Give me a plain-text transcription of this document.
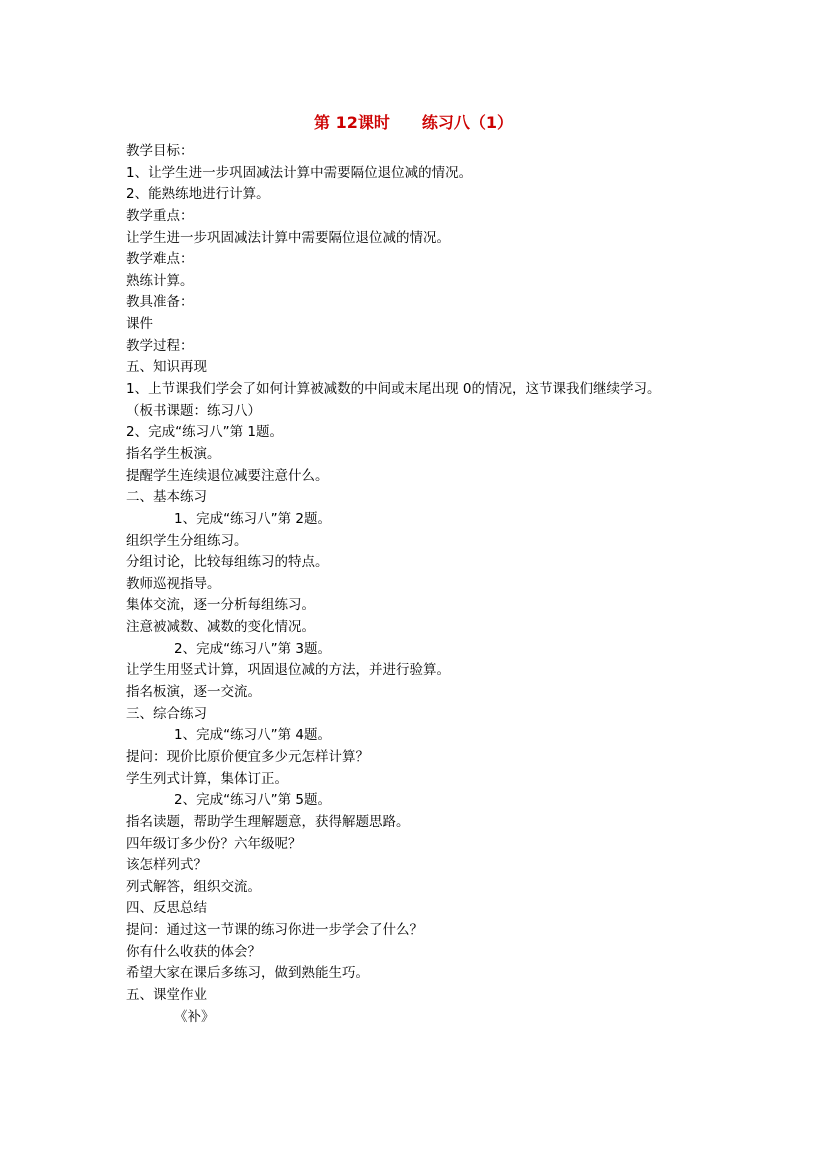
第 12课时　　练习八（1）
教学目标：
1、让学生进一步巩固减法计算中需要隔位退位减的情况。
2、能熟练地进行计算。
教学重点：
让学生进一步巩固减法计算中需要隔位退位减的情况。
教学难点：
熟练计算。
教具准备：
课件
教学过程：
五、知识再现
1、上节课我们学会了如何计算被减数的中间或末尾出现 0的情况，这节课我们继续学习。
（板书课题：练习八）
2、完成“练习八”第 1题。
指名学生板演。
提醒学生连续退位减要注意什么。
二、基本练习
1、完成“练习八”第 2题。
组织学生分组练习。
分组讨论，比较每组练习的特点。
教师巡视指导。
集体交流，逐一分析每组练习。
注意被减数、减数的变化情况。
2、完成“练习八”第 3题。
让学生用竖式计算，巩固退位减的方法，并进行验算。
指名板演，逐一交流。
三、综合练习
1、完成“练习八”第 4题。
提问：现价比原价便宜多少元怎样计算？
学生列式计算，集体订正。
2、完成“练习八”第 5题。
指名读题，帮助学生理解题意，获得解题思路。
四年级订多少份？六年级呢？
该怎样列式？
列式解答，组织交流。
四、反思总结
提问：通过这一节课的练习你进一步学会了什么？
你有什么收获的体会？
希望大家在课后多练习，做到熟能生巧。
五、课堂作业
《补》
